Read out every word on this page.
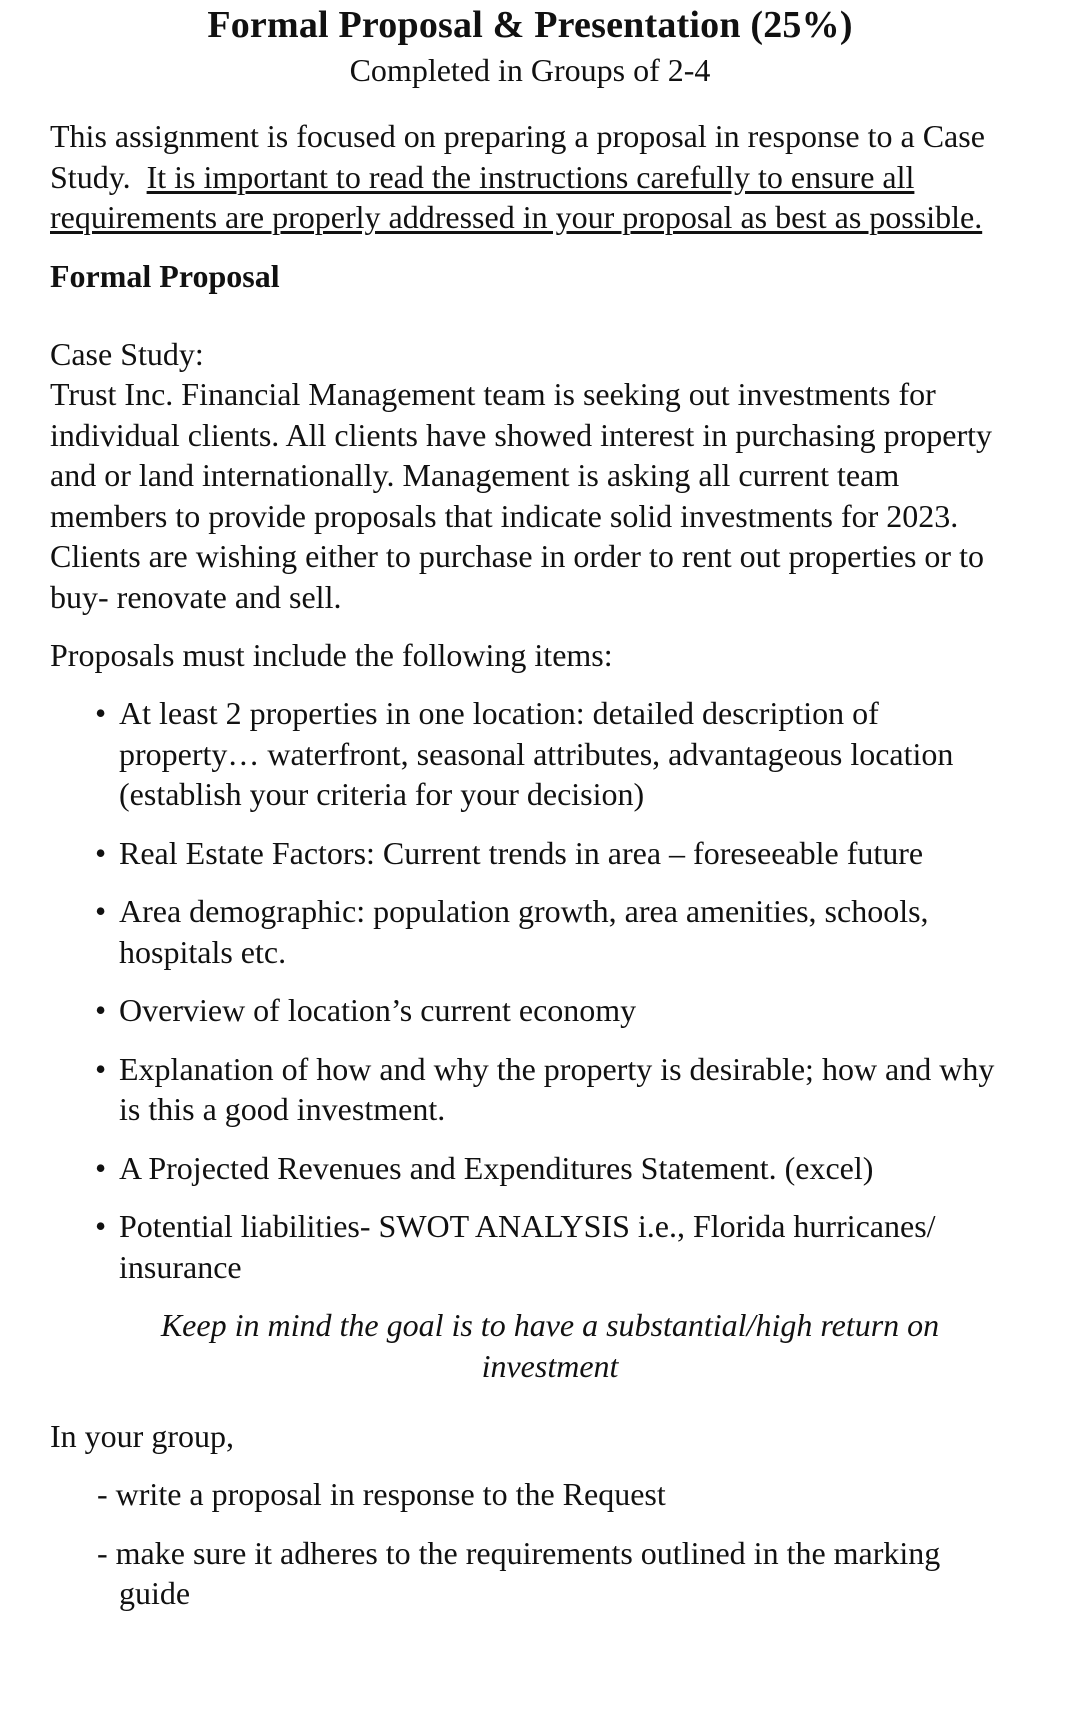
Formal Proposal & Presentation (25%)

Completed in Groups of 2-4

This assignment is focused on preparing a proposal in response to a Case Study. It is important to read the instructions carefully to ensure all requirements are properly addressed in your proposal as best as possible.

Formal Proposal

Case Study:

Trust Inc. Financial Management team is seeking out investments for individual clients. All clients have showed interest in purchasing property and or land internationally. Management is asking all current team members to provide proposals that indicate solid investments for 2023. Clients are wishing either to purchase in order to rent out properties or to buy- renovate and sell.

Proposals must include the following items:

• At least 2 properties in one location: detailed description of property… waterfront, seasonal attributes, advantageous location (establish your criteria for your decision)
• Real Estate Factors: Current trends in area – foreseeable future
• Area demographic: population growth, area amenities, schools, hospitals etc.
• Overview of location’s current economy
• Explanation of how and why the property is desirable; how and why is this a good investment.
• A Projected Revenues and Expenditures Statement. (excel)
• Potential liabilities- SWOT ANALYSIS i.e., Florida hurricanes/ insurance

Keep in mind the goal is to have a substantial/high return on investment

In your group,

- write a proposal in response to the Request

- make sure it adheres to the requirements outlined in the marking guide
